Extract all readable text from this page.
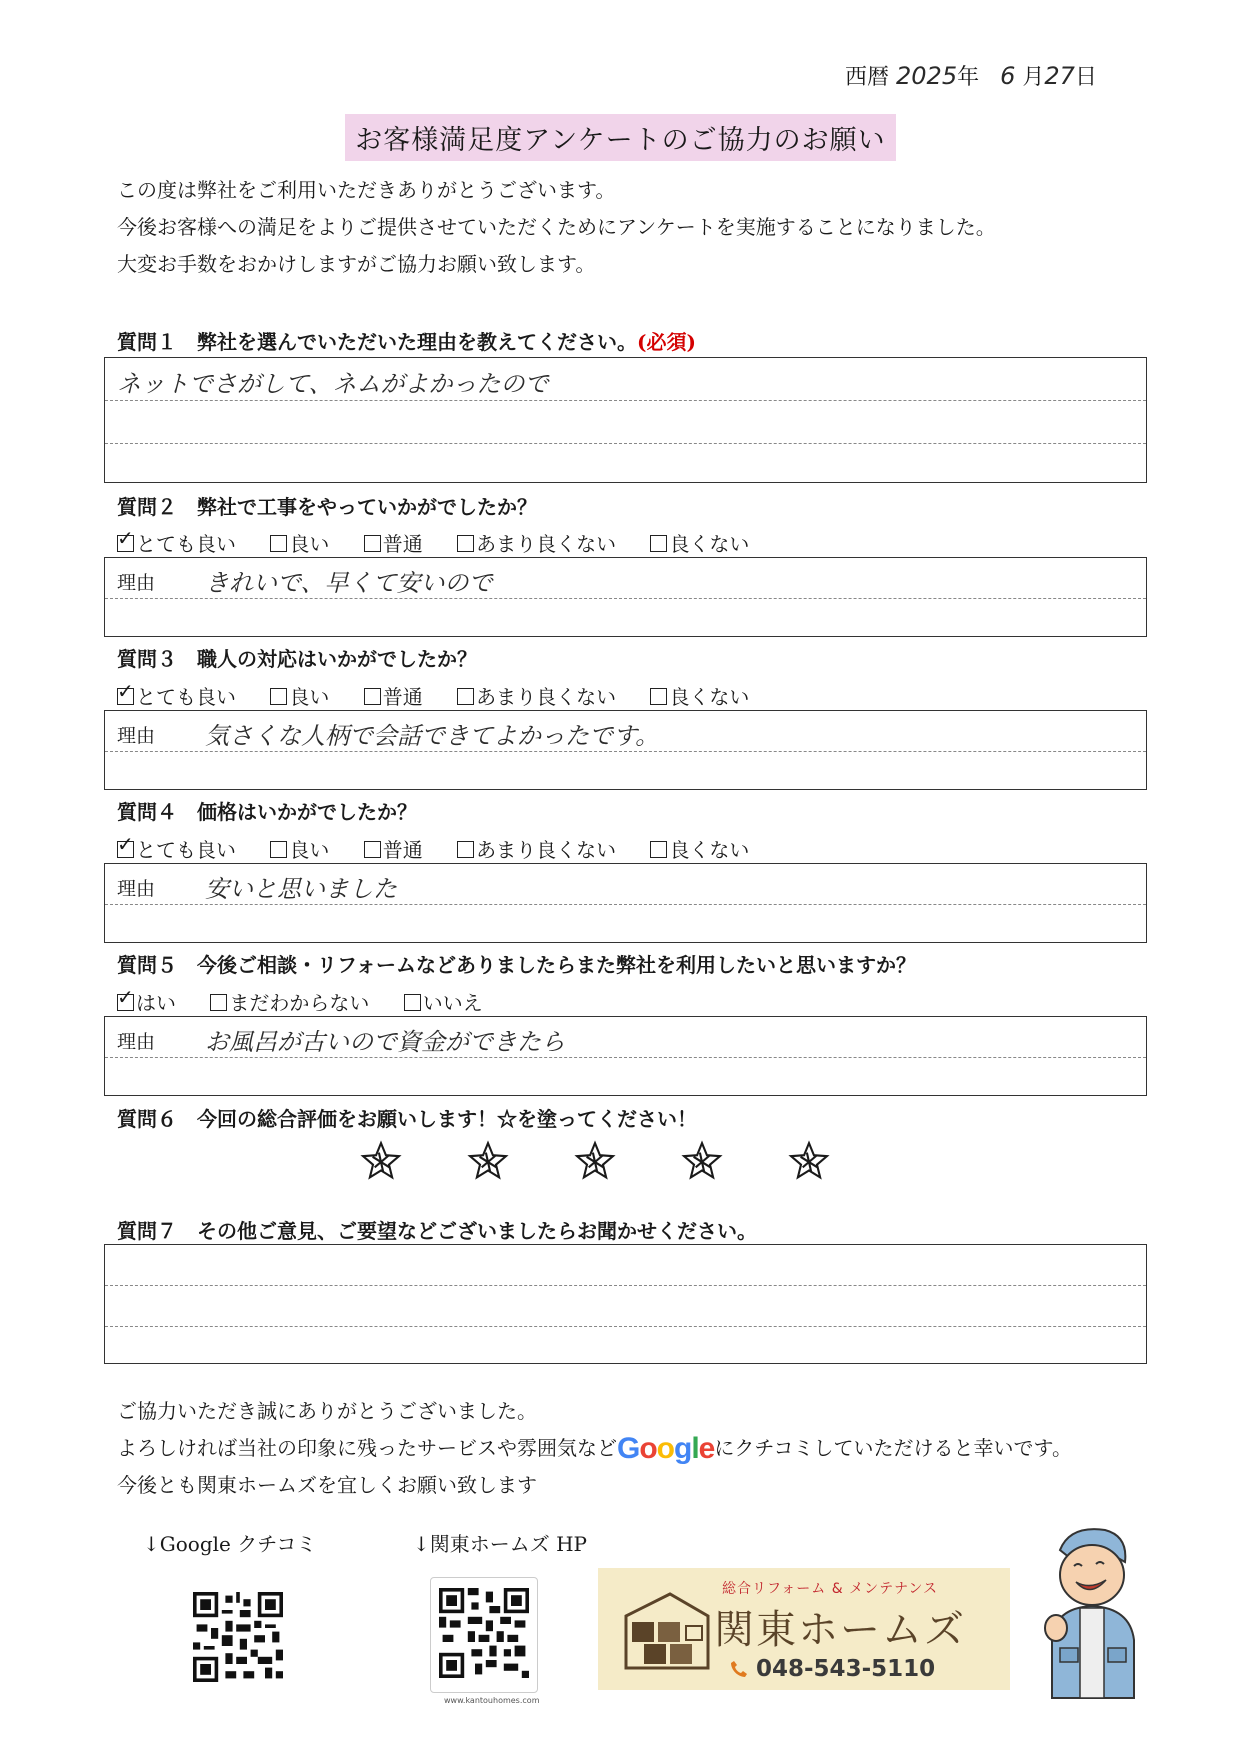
西暦 2025年 6 月27日
お客様満足度アンケートのご協力のお願い
この度は弊社をご利用いただきありがとうございます。
今後お客様への満足をよりご提供させていただくためにアンケートを実施することになりました。
大変お手数をおかけしますがご協力お願い致します。
質問１ 弊社を選んでいただいた理由を教えてください。(必須)
ネットでさがして、ネムがよかったので
質問２ 弊社で工事をやっていかがでしたか？
✓とても良い	良い	普通	あまり良くない	良くない
理由 きれいで、早くて安いので
質問３ 職人の対応はいかがでしたか？
✓とても良い	良い	普通	あまり良くない	良くない
理由 気さくな人柄で会話できてよかったです。
質問４ 価格はいかがでしたか？
✓とても良い	良い	普通	あまり良くない	良くない
理由 安いと思いました
質問５ 今後ご相談・リフォームなどありましたらまた弊社を利用したいと思いますか？
✓はい	まだわからない	いいえ
理由 お風呂が古いので資金ができたら
質問６ 今回の総合評価をお願いします！☆を塗ってください！
質問７ その他ご意見、ご要望などございましたらお聞かせください。
ご協力いただき誠にありがとうございました。
よろしければ当社の印象に残ったサービスや雰囲気などGoogleにクチコミしていただけると幸いです。
今後とも関東ホームズを宜しくお願い致します
↓Google クチコミ	↓関東ホームズ HP
www.kantouhomes.com
総合リフォーム & メンテナンス
関東ホームズ
048-543-5110
